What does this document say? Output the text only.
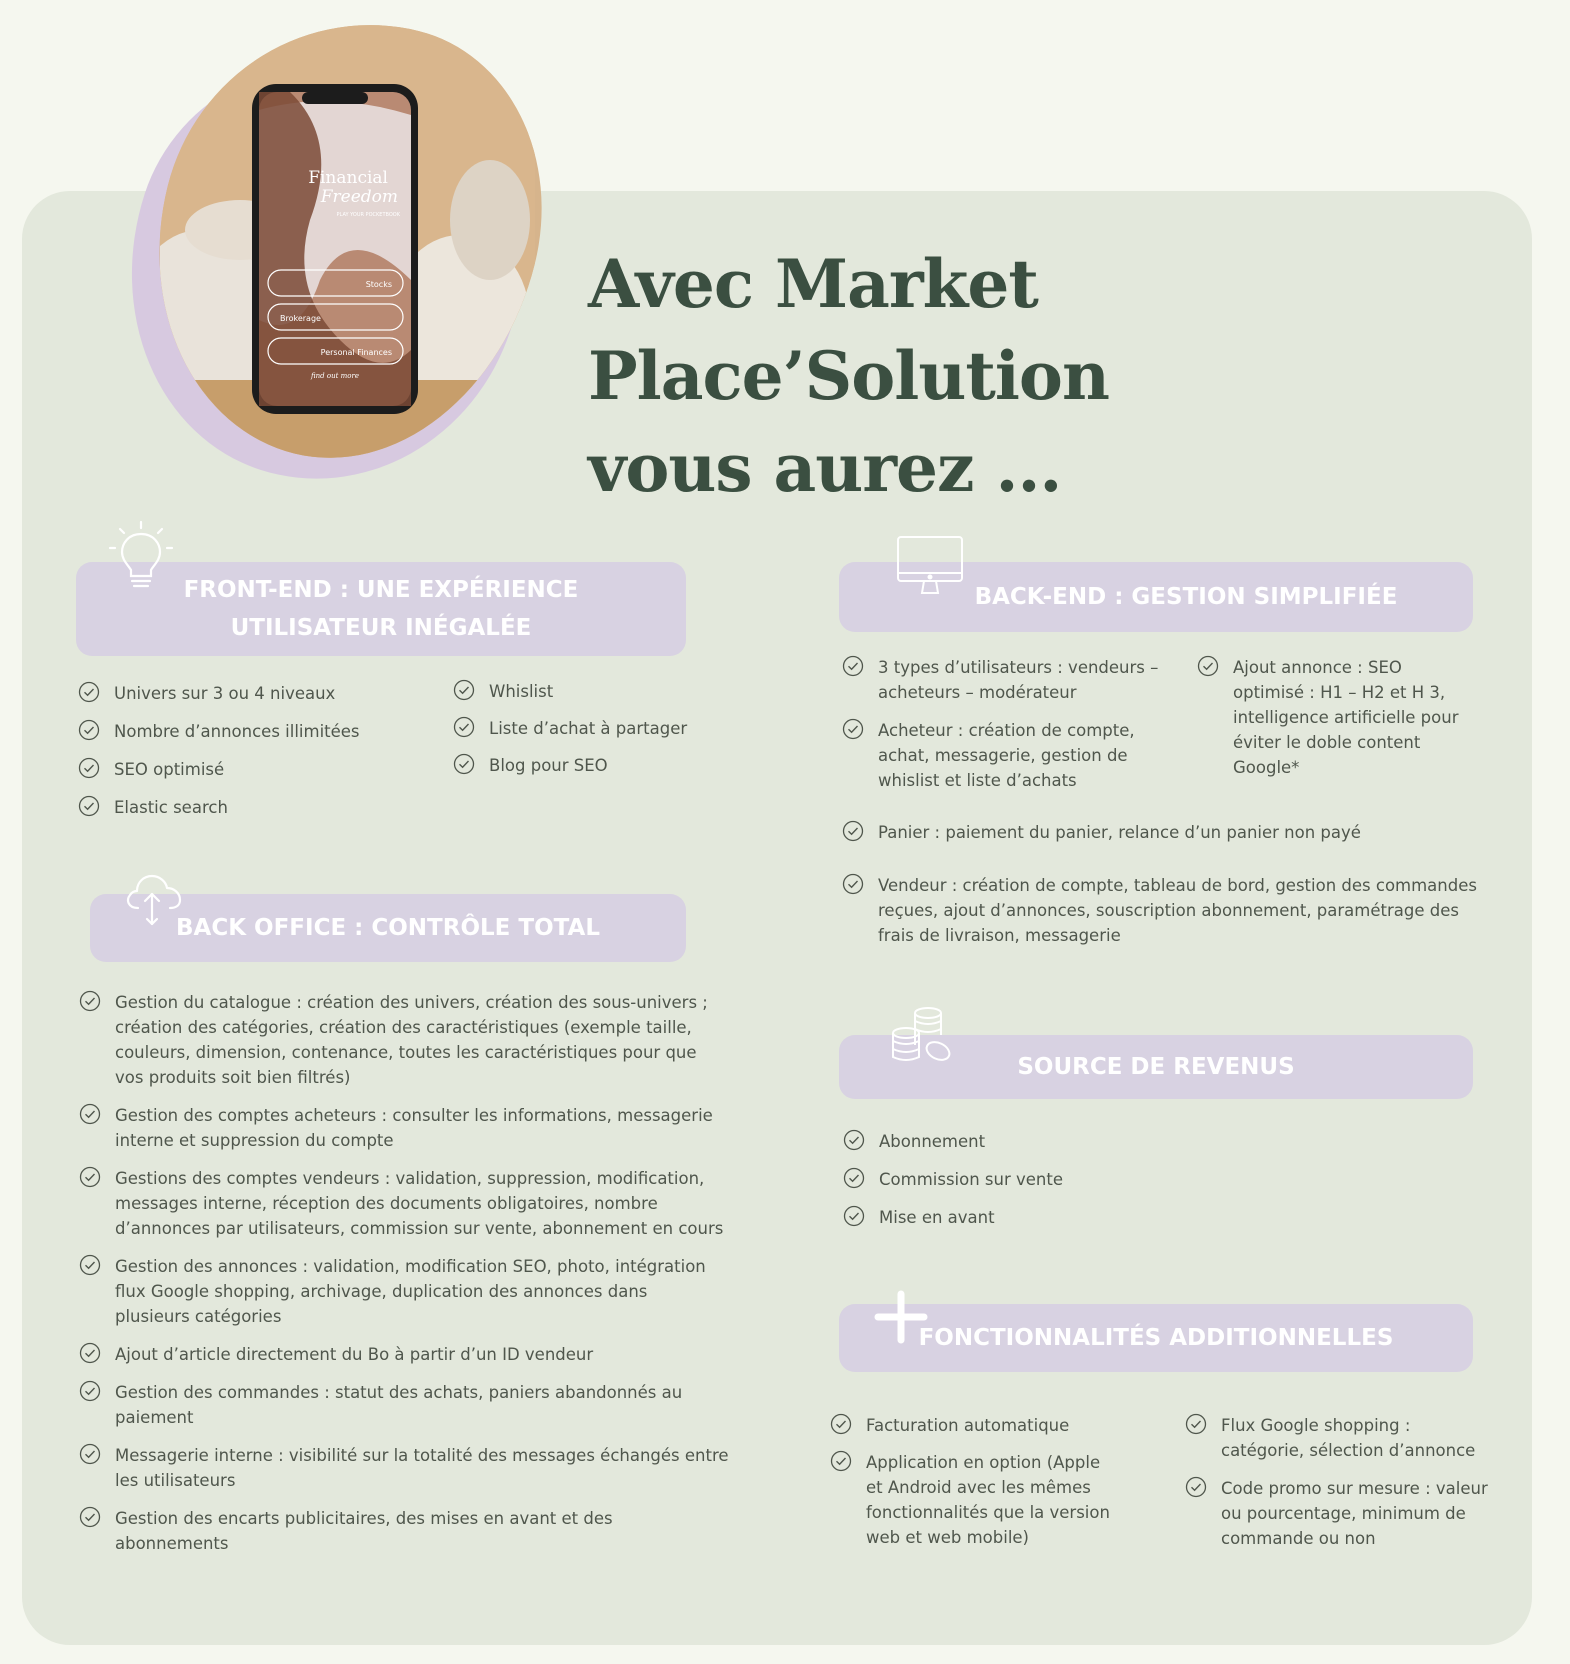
Financial
Freedom
PLAY YOUR POCKETBOOK
Stocks
Brokerage
Personal Finances
find out more
Avec Market Place’Solution
vous aurez ...
FRONT-END : UNE EXPÉRIENCE
UTILISATEUR INÉGALÉE
Univers sur 3 ou 4 niveaux
Nombre d’annonces illimitées
SEO optimisé
Elastic search
Whislist
Liste d’achat à partager
Blog pour SEO
BACK-END : GESTION SIMPLIFIÉE
3 types d’utilisateurs : vendeurs –
acheteurs – modérateur
Acheteur : création de compte,
achat, messagerie, gestion de
whislist et liste d’achats
Ajout annonce : SEO
optimisé : H1 – H2 et H 3,
intelligence artificielle pour
éviter le doble content
Google*
Panier : paiement du panier, relance d’un panier non payé
Vendeur : création de compte, tableau de bord, gestion des commandes
reçues, ajout d’annonces, souscription abonnement, paramétrage des
frais de livraison, messagerie
BACK OFFICE : CONTRÔLE TOTAL
Gestion du catalogue : création des univers, création des sous-univers ;
création des catégories, création des caractéristiques (exemple taille,
couleurs, dimension, contenance, toutes les caractéristiques pour que
vos produits soit bien filtrés)
Gestion des comptes acheteurs : consulter les informations, messagerie
interne et suppression du compte
Gestions des comptes vendeurs : validation, suppression, modification,
messages interne, réception des documents obligatoires, nombre
d’annonces par utilisateurs, commission sur vente, abonnement en cours
Gestion des annonces : validation, modification SEO, photo, intégration
flux Google shopping, archivage, duplication des annonces dans
plusieurs catégories
Ajout d’article directement du Bo à partir d’un ID vendeur
Gestion des commandes : statut des achats, paniers abandonnés au
paiement
Messagerie interne : visibilité sur la totalité des messages échangés entre
les utilisateurs
Gestion des encarts publicitaires, des mises en avant et des abonnements
SOURCE DE REVENUS
Abonnement
Commission sur vente
Mise en avant
FONCTIONNALITÉS ADDITIONNELLES
Facturation automatique
Application en option (Apple
et Android avec les mêmes
fonctionnalités que la version
web et web mobile)
Flux Google shopping :
catégorie, sélection d’annonce
Code promo sur mesure : valeur
ou pourcentage, minimum de
commande ou non
